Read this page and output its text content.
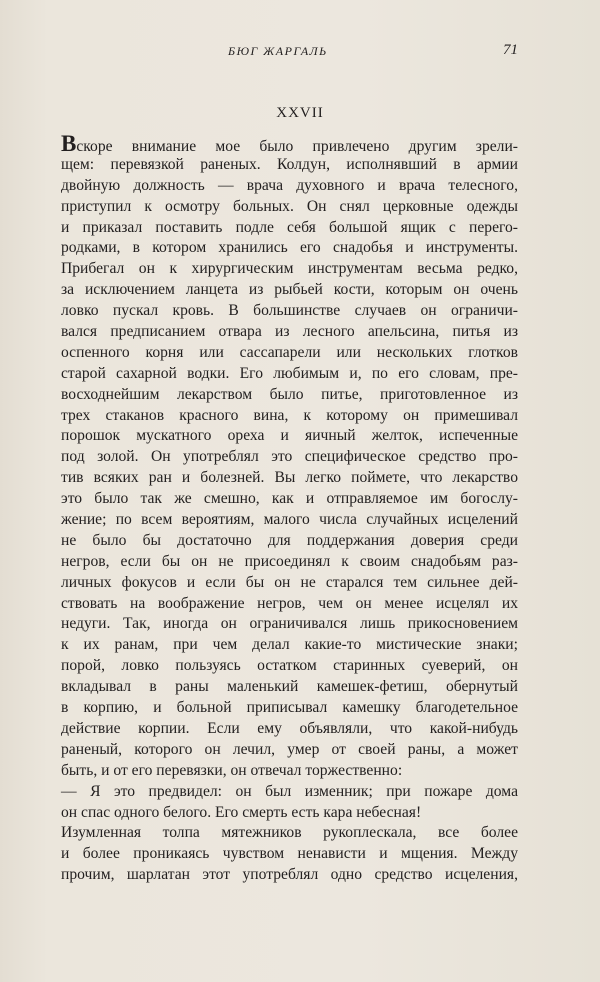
БЮГ ЖАРГАЛЬ	71
XXVII
Вскоре внимание мое было привлечено другим зрели-
щем: перевязкой раненых. Колдун, исполнявший в армии
двойную должность — врача духовного и врача телесного,
приступил к осмотру больных. Он снял церковные одежды
и приказал поставить подле себя большой ящик с перего-
родками, в котором хранились его снадобья и инструменты.
Прибегал он к хирургическим инструментам весьма редко,
за исключением ланцета из рыбьей кости, которым он очень
ловко пускал кровь. В большинстве случаев он ограничи-
вался предписанием отвара из лесного апельсина, питья из
оспенного корня или сассапарели или нескольких глотков
старой сахарной водки. Его любимым и, по его словам, пре-
восходнейшим лекарством было питье, приготовленное из
трех стаканов красного вина, к которому он примешивал
порошок мускатного ореха и яичный желток, испеченные
под золой. Он употреблял это специфическое средство про-
тив всяких ран и болезней. Вы легко поймете, что лекарство
это было так же смешно, как и отправляемое им богослу-
жение; по всем вероятиям, малого числа случайных исцелений
не было бы достаточно для поддержания доверия среди
негров, если бы он не присоединял к своим снадобьям раз-
личных фокусов и если бы он не старался тем сильнее дей-
ствовать на воображение негров, чем он менее исцелял их
недуги. Так, иногда он ограничивался лишь прикосновением
к их ранам, при чем делал какие-то мистические знаки;
порой, ловко пользуясь остатком старинных суеверий, он
вкладывал в раны маленький камешек-фетиш, обернутый
в корпию, и больной приписывал камешку благодетельное
действие корпии. Если ему объявляли, что какой-нибудь
раненый, которого он лечил, умер от своей раны, а может
быть, и от его перевязки, он отвечал торжественно:
— Я это предвидел: он был изменник; при пожаре дома
он спас одного белого. Его смерть есть кара небесная!
Изумленная толпа мятежников рукоплескала, все более
и более проникаясь чувством ненависти и мщения. Между
прочим, шарлатан этот употреблял одно средство исцеления,
